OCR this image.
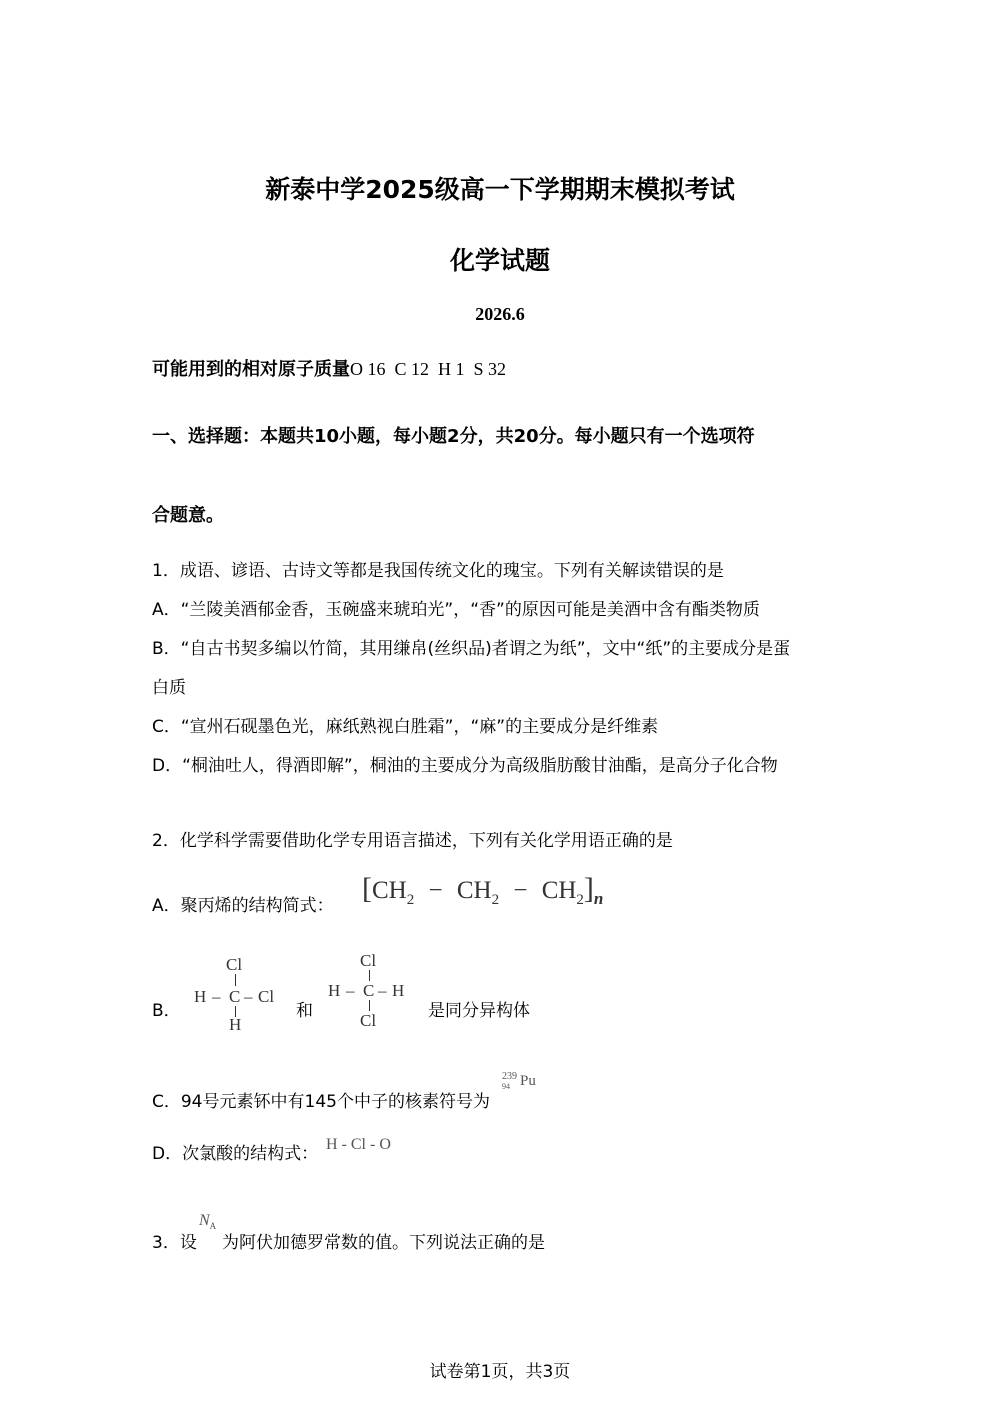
新泰中学2025级高一下学期期末模拟考试
化学试题
2026.6
可能用到的相对原子质量O 16  C 12  H 1  S 32
一、选择题：本题共10小题，每小题2分，共20分。每小题只有一个选项符
合题意。
1．成语、谚语、古诗文等都是我国传统文化的瑰宝。下列有关解读错误的是
A．“兰陵美酒郁金香，玉碗盛来琥珀光”，“香”的原因可能是美酒中含有酯类物质
B．“自古书契多编以竹简，其用缣帛(丝织品)者谓之为纸”，文中“纸”的主要成分是蛋
白质
C．“宣州石砚墨色光，麻纸熟视白胜霜”，“麻”的主要成分是纤维素
D．“桐油吐人，得酒即解”，桐油的主要成分为高级脂肪酸甘油酯，是高分子化合物
2．化学科学需要借助化学专用语言描述，下列有关化学用语正确的是
A．聚丙烯的结构简式：
$[CH_2 - CH_2 - CH_2]_n$
B．
Cl
H – C – Cl
H
和
Cl
H – C – H
Cl	是同分异构体
C．94号元素钚中有145个中子的核素符号为
239
94 Pu
D．次氯酸的结构式： H - Cl - O
3．设
$N_A$
为阿伏加德罗常数的值。下列说法正确的是
试卷第1页，共3页
